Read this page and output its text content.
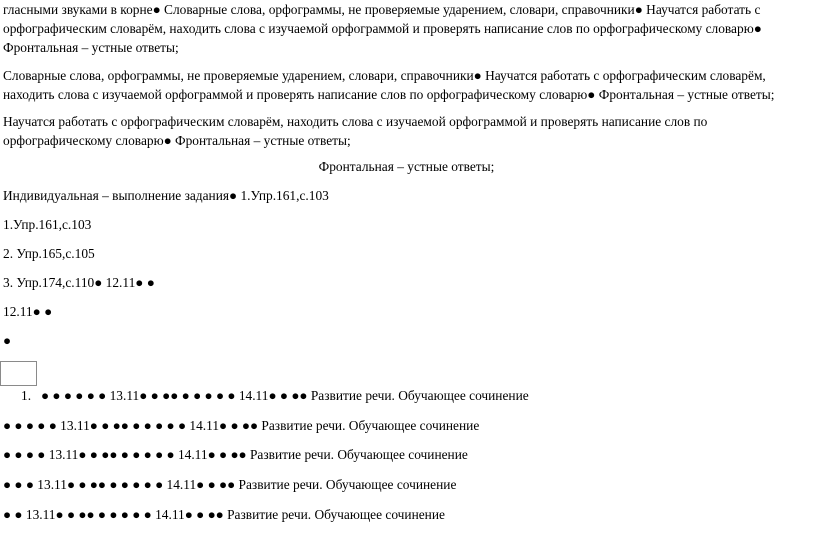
гласными звуками в корне● Словарные слова, орфограммы, не проверяемые ударением, словари, справочники● Научатся работать с орфографическим словарём, находить слова с изучаемой орфограммой и проверять написание слов по орфографическому словарю● Фронтальная – устные ответы;

Словарные слова, орфограммы, не проверяемые ударением, словари, справочники● Научатся работать с орфографическим словарём, находить слова с изучаемой орфограммой и проверять написание слов по орфографическому словарю● Фронтальная – устные ответы;

Научатся работать с орфографическим словарём, находить слова с изучаемой орфограммой и проверять написание слов по орфографическому словарю● Фронтальная – устные ответы;

Фронтальная – устные ответы;

Индивидуальная – выполнение задания● 1.Упр.161,с.103

1.Упр.161,с.103

2. Упр.165,с.105

3. Упр.174,с.110● 12.11● ●

12.11● ●

●

1. ● ● ● ● ● ● 13.11● ● ●● ● ● ● ● ● 14.11● ● ●● Развитие речи. Обучающее сочинение

● ● ● ● ● 13.11● ● ●● ● ● ● ● ● 14.11● ● ●● Развитие речи. Обучающее сочинение

● ● ● ● 13.11● ● ●● ● ● ● ● ● 14.11● ● ●● Развитие речи. Обучающее сочинение

● ● ● 13.11● ● ●● ● ● ● ● ● 14.11● ● ●● Развитие речи. Обучающее сочинение

● ● 13.11● ● ●● ● ● ● ● ● 14.11● ● ●● Развитие речи. Обучающее сочинение
